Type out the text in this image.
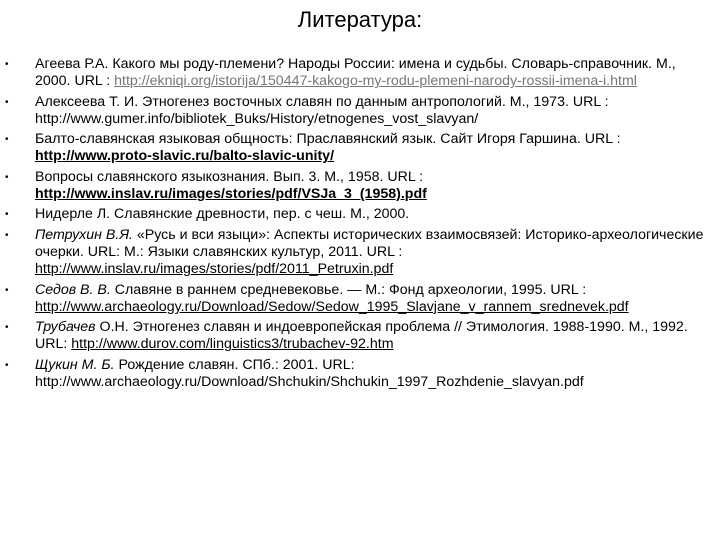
Литература:
• Агеева Р.А. Какого мы роду-племени? Народы России: имена и судьбы. Словарь-справочник. М., 2000. URL : http://ekniqi.org/istorija/150447-kakogo-my-rodu-plemeni-narody-rossii-imena-i.html
• Алексеева Т. И. Этногенез восточных славян по данным антропологий. М., 1973. URL : http://www.gumer.info/bibliotek_Buks/History/etnogenes_vost_slavyan/
• Балто-славянская языковая общность: Праславянский язык. Сайт Игоря Гаршина. URL : http://www.proto-slavic.ru/balto-slavic-unity/
• Вопросы славянского языкознания. Вып. 3. М., 1958. URL : http://www.inslav.ru/images/stories/pdf/VSJa_3_(1958).pdf
• Нидерле Л. Славянские древности, пер. с чеш. М., 2000.
• Петрухин В.Я. «Русь и вси языци»: Аспекты исторических взаимосвязей: Историко-археологические очерки. URL: М.: Языки славянских культур, 2011. URL : http://www.inslav.ru/images/stories/pdf/2011_Petruxin.pdf
• Седов В. В. Славяне в раннем средневековье. — М.: Фонд археологии, 1995. URL : http://www.archaeology.ru/Download/Sedow/Sedow_1995_Slavjane_v_rannem_srednevek.pdf
• Трубачев О.Н. Этногенез славян и индоевропейская проблема // Этимология. 1988-1990. М., 1992. URL: http://www.durov.com/linguistics3/trubachev-92.htm
• Щукин М. Б. Рождение славян. СПб.: 2001. URL: http://www.archaeology.ru/Download/Shchukin/Shchukin_1997_Rozhdenie_slavyan.pdf
